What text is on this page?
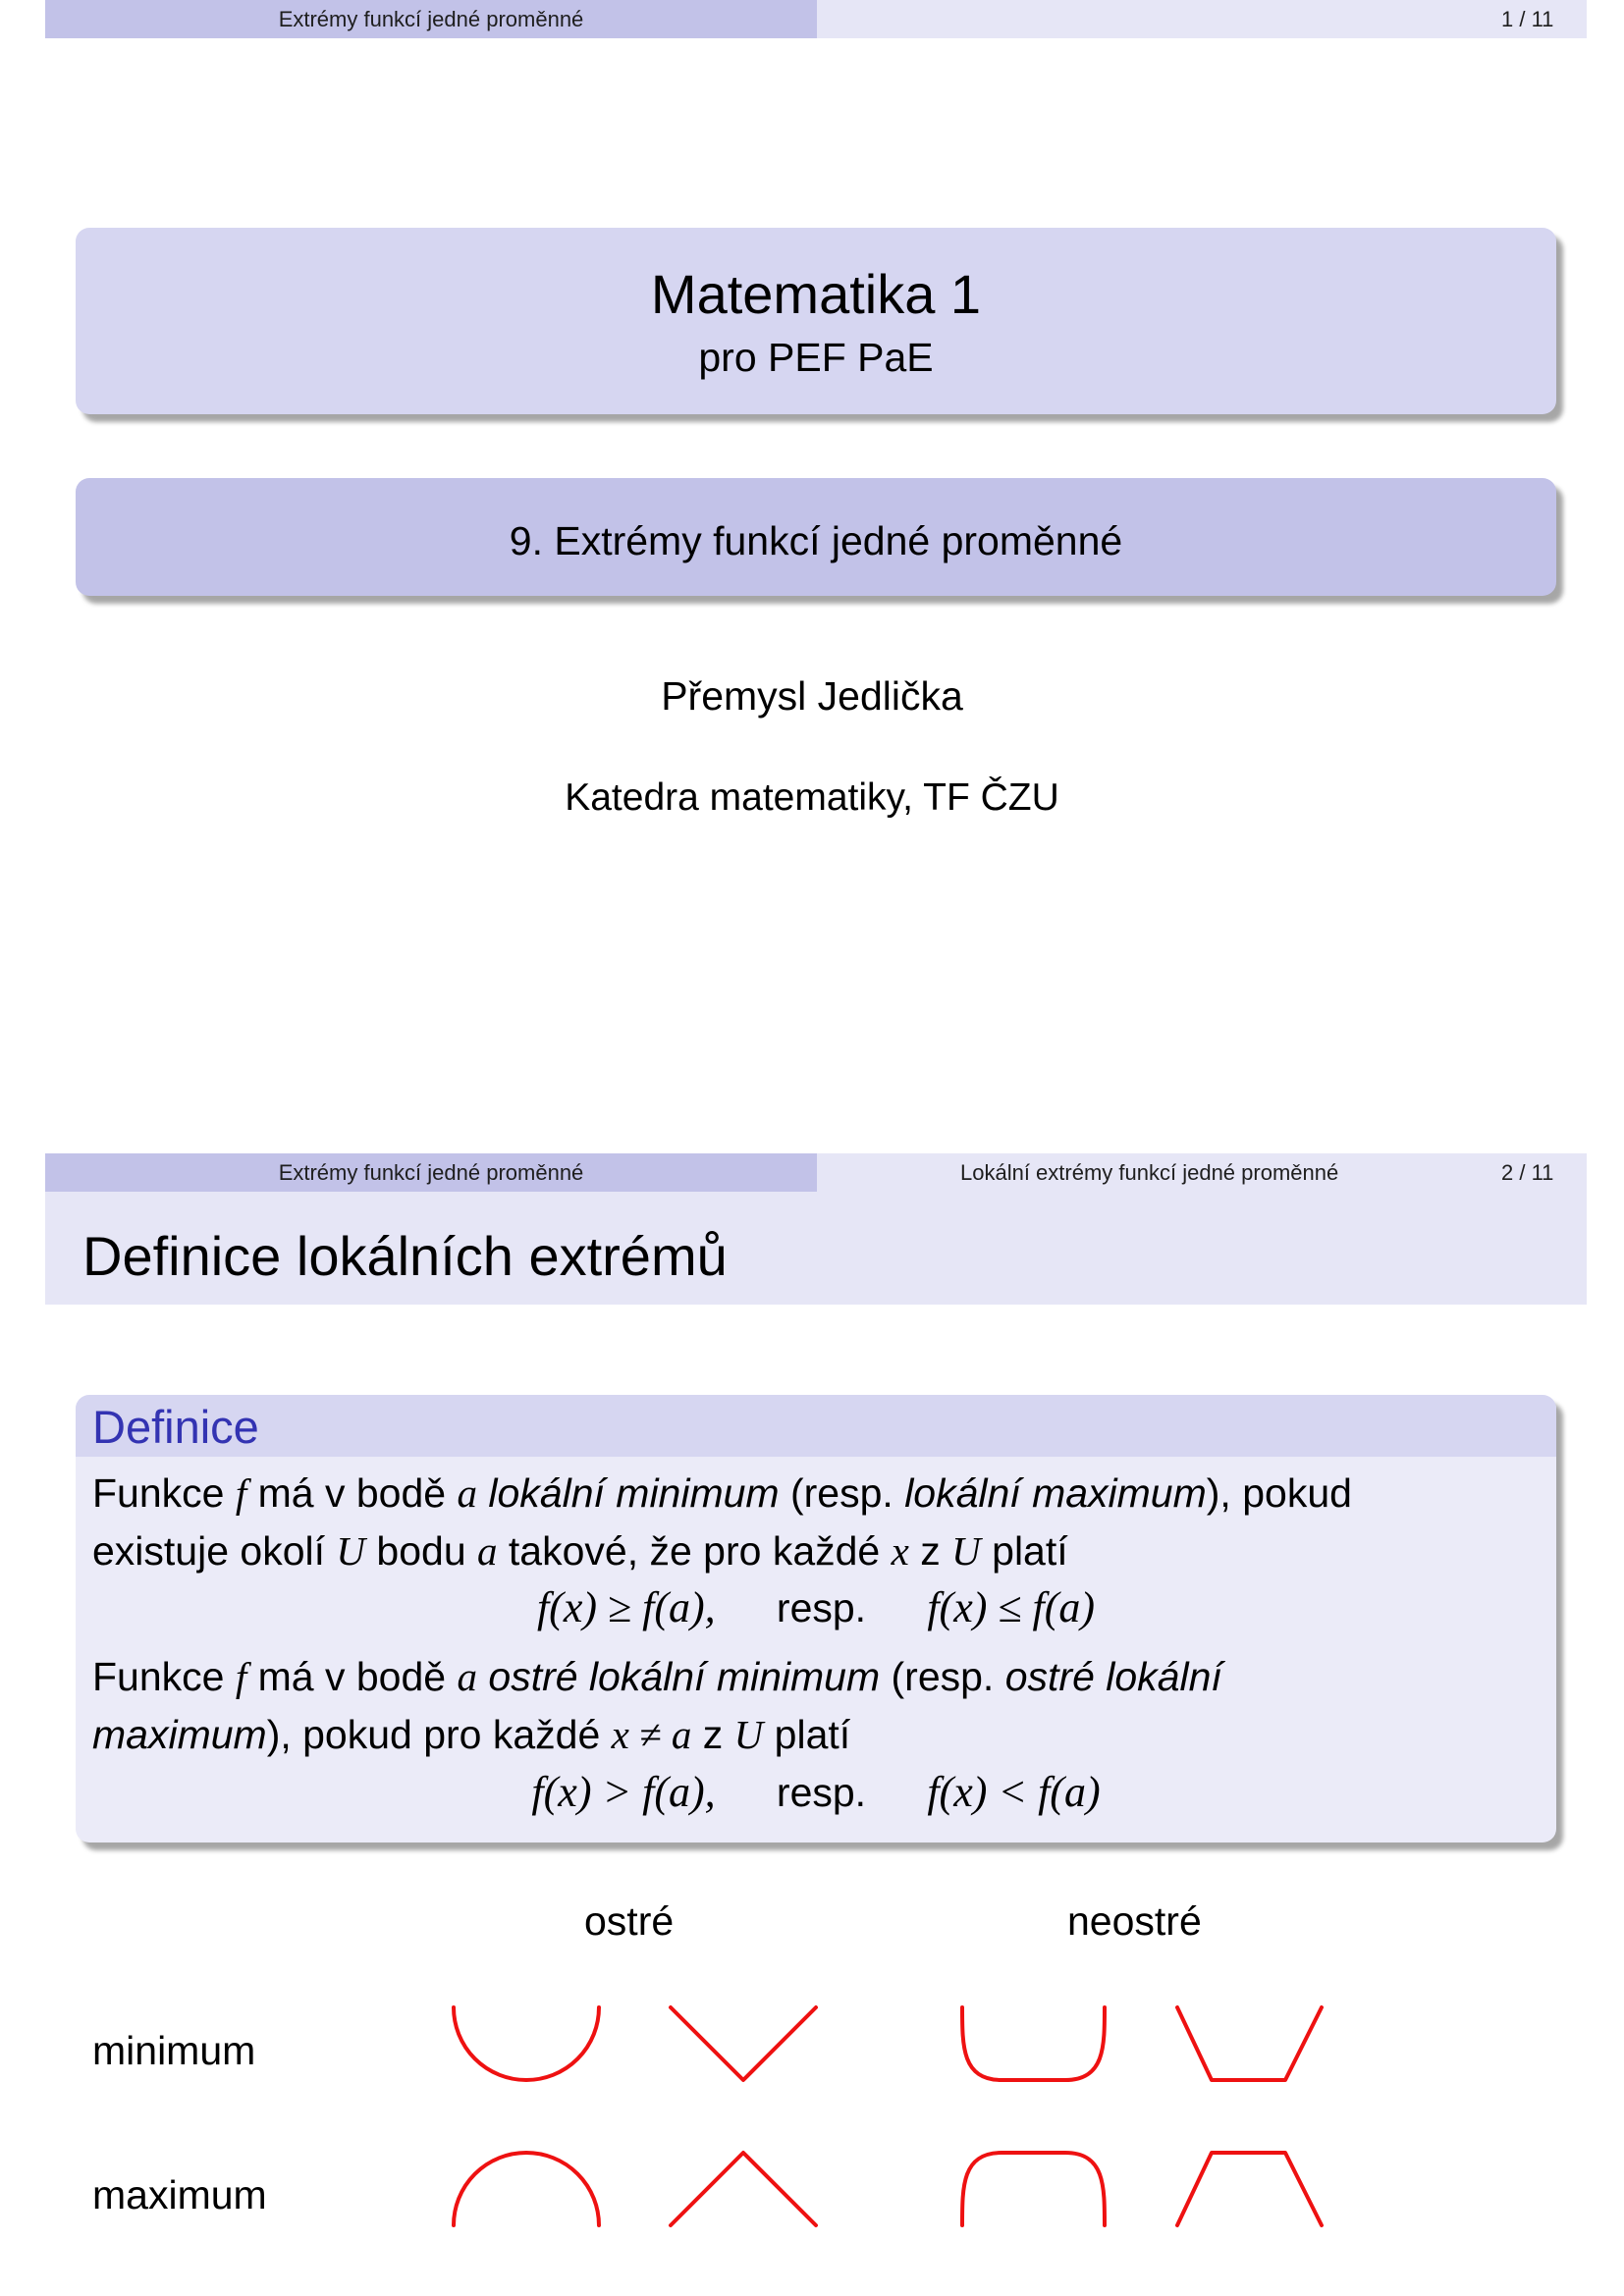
Extrémy funkcí jedné proměnné	1 / 11
Matematika 1
pro PEF PaE
9. Extrémy funkcí jedné proměnné
Přemysl Jedlička
Katedra matematiky, TF ČZU
Extrémy funkcí jedné proměnné	Lokální extrémy funkcí jedné proměnné	2 / 11
Definice lokálních extrémů
Definice
Funkce f má v bodě a lokální minimum (resp. lokální maximum), pokud
existuje okolí U bodu a takové, že pro každé x z U platí
f(x) ≥ f(a), resp. f(x) ≤ f(a)
Funkce f má v bodě a ostré lokální minimum (resp. ostré lokální
maximum), pokud pro každé x ≠ a z U platí
f(x) > f(a), resp. f(x) < f(a)
ostré	neostré
minimum
maximum
